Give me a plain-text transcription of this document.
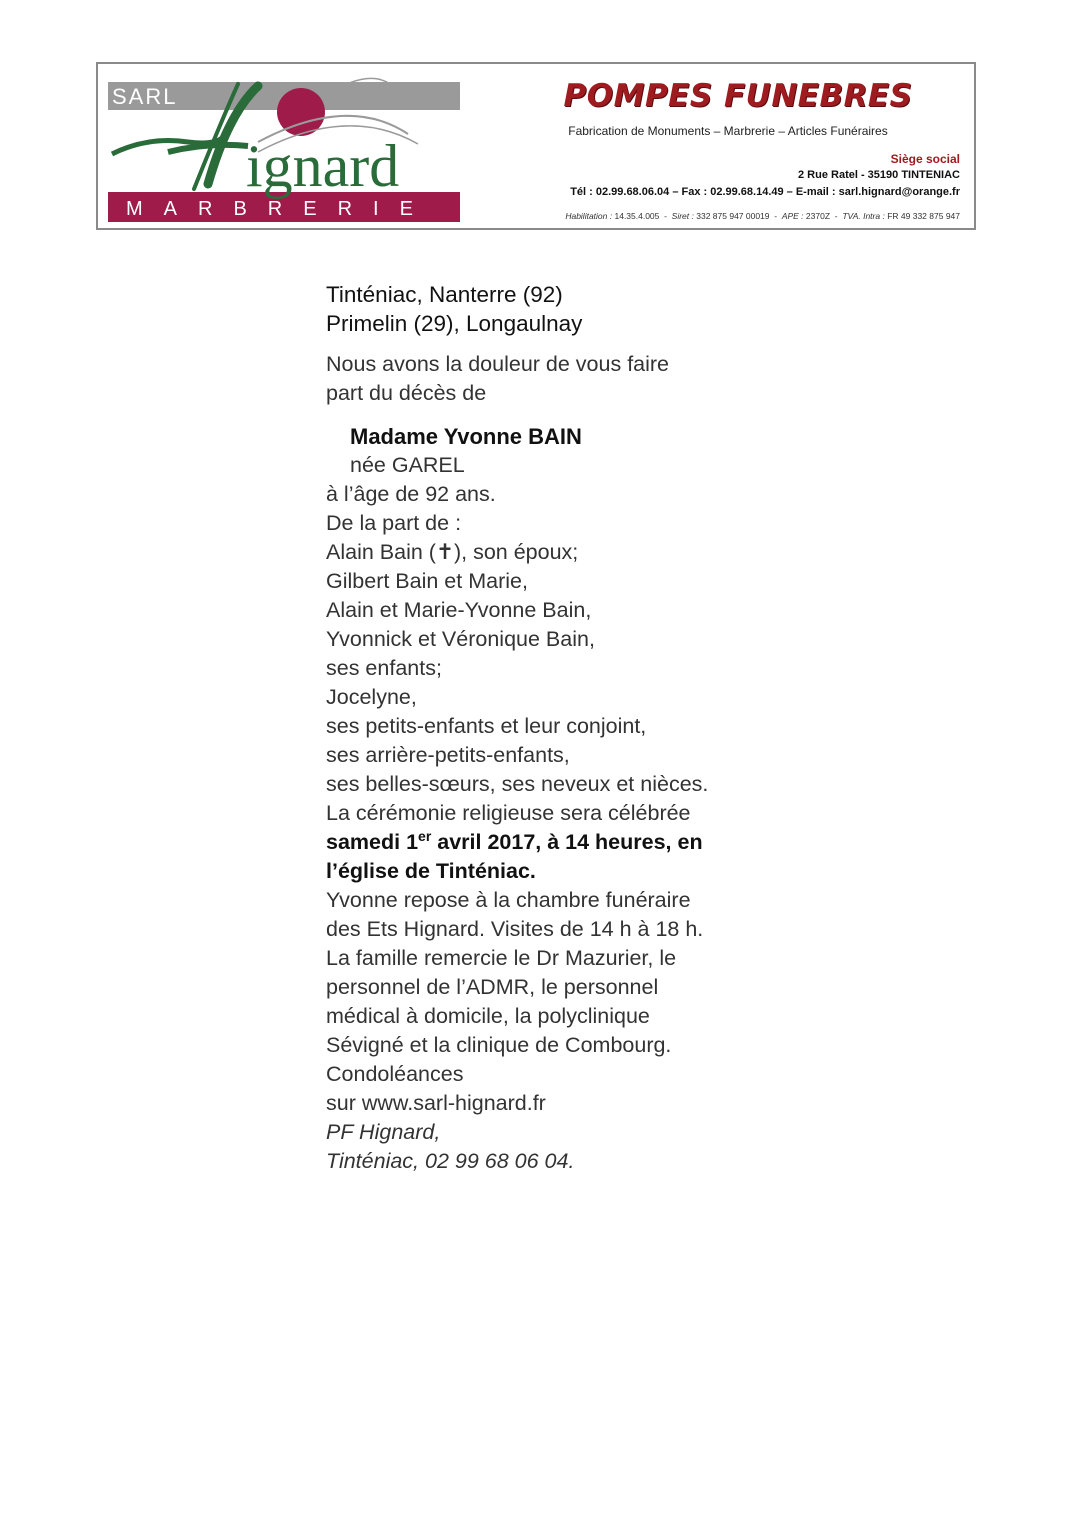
SARL
ignard
MARBRERIE
POMPES FUNEBRES
Fabrication de Monuments – Marbrerie – Articles Funéraires
Siège social
2 Rue Ratel - 35190 TINTENIAC
Tél : 02.99.68.06.04 – Fax : 02.99.68.14.49 – E-mail : sarl.hignard@orange.fr
Habilitation : 14.35.4.005  -  Siret : 332 875 947 00019  -  APE : 2370Z  -  TVA. Intra : FR 49 332 875 947

Tinténiac, Nanterre (92)
Primelin (29), Longaulnay

Nous avons la douleur de vous faire
part du décès de

Madame Yvonne BAIN
née GAREL

à l’âge de 92 ans.
De la part de :
Alain Bain (✝), son époux;
Gilbert Bain et Marie,
Alain et Marie-Yvonne Bain,
Yvonnick et Véronique Bain,
ses enfants;
Jocelyne,
ses petits-enfants et leur conjoint,
ses arrière-petits-enfants,
ses belles-sœurs, ses neveux et nièces.

La cérémonie religieuse sera célébrée
samedi 1er avril 2017, à 14 heures, en
l’église de Tinténiac.
Yvonne repose à la chambre funéraire
des Ets Hignard. Visites de 14 h à 18 h.
La famille remercie le Dr Mazurier, le
personnel de l’ADMR, le personnel
médical à domicile, la polyclinique
Sévigné et la clinique de Combourg.
Condoléances
sur www.sarl-hignard.fr

PF Hignard,
Tinténiac, 02 99 68 06 04.
